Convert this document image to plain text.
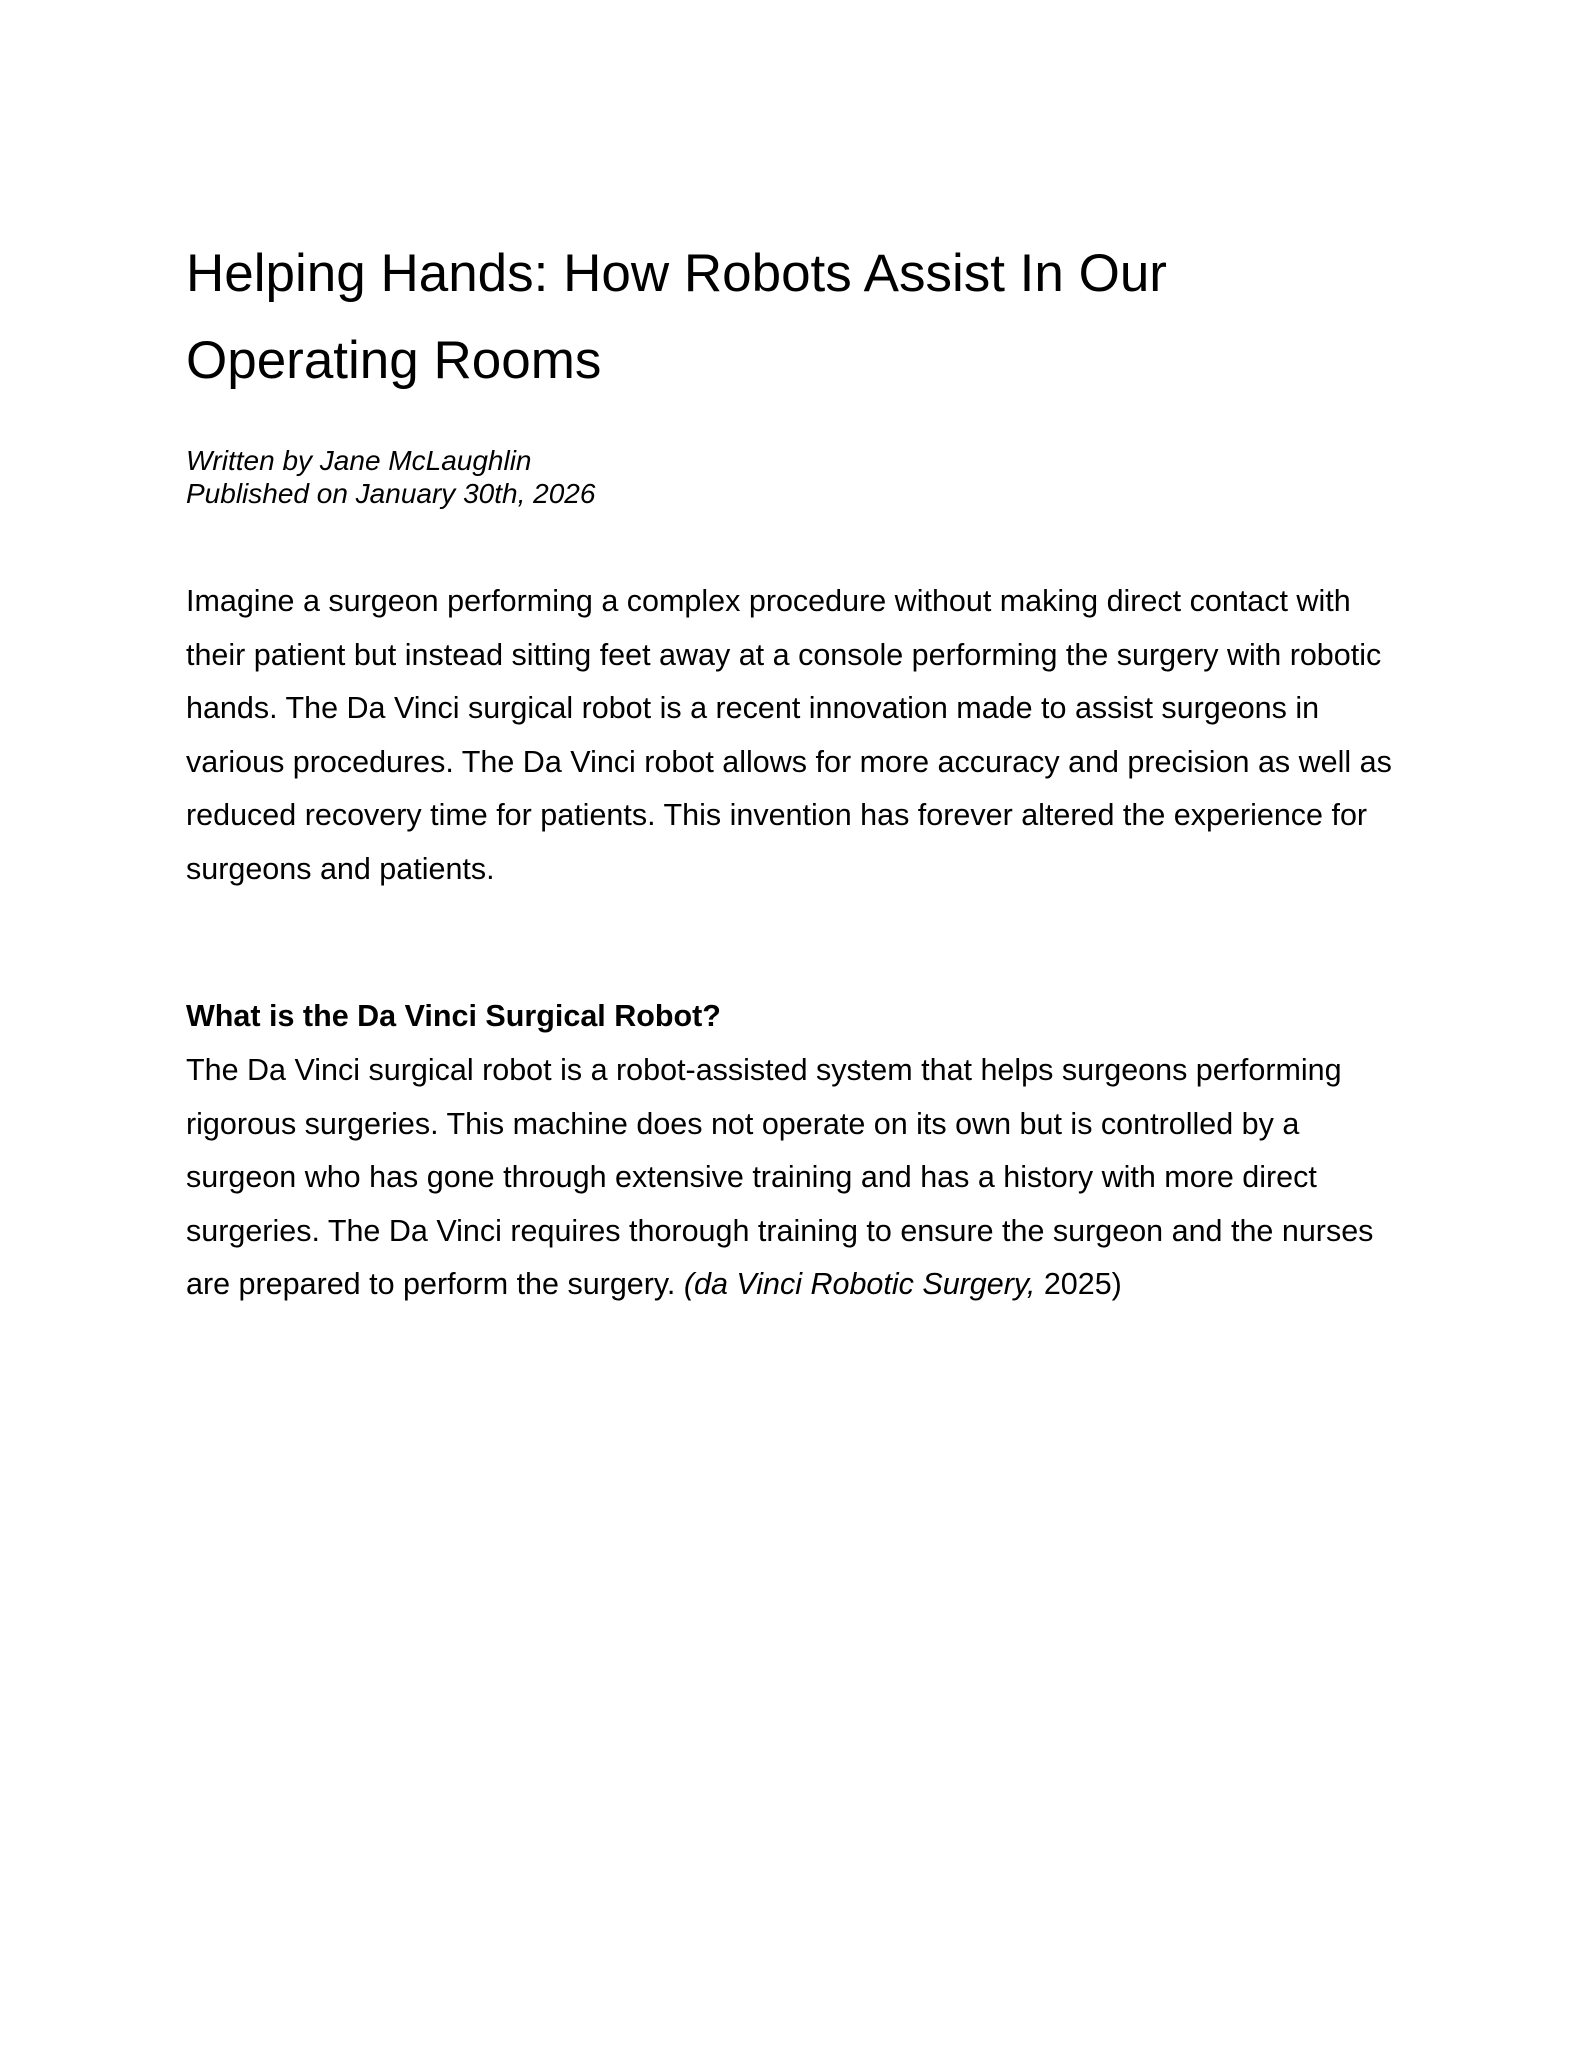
Helping Hands: How Robots Assist In Our Operating Rooms
Written by Jane McLaughlin
Published on January 30th, 2026

Imagine a surgeon performing a complex procedure without making direct contact with their patient but instead sitting feet away at a console performing the surgery with robotic hands. The Da Vinci surgical robot is a recent innovation made to assist surgeons in various procedures. The Da Vinci robot allows for more accuracy and precision as well as reduced recovery time for patients. This invention has forever altered the experience for surgeons and patients.

What is the Da Vinci Surgical Robot?

The Da Vinci surgical robot is a robot-assisted system that helps surgeons performing rigorous surgeries. This machine does not operate on its own but is controlled by a surgeon who has gone through extensive training and has a history with more direct surgeries. The Da Vinci requires thorough training to ensure the surgeon and the nurses are prepared to perform the surgery. (da Vinci Robotic Surgery, 2025)
